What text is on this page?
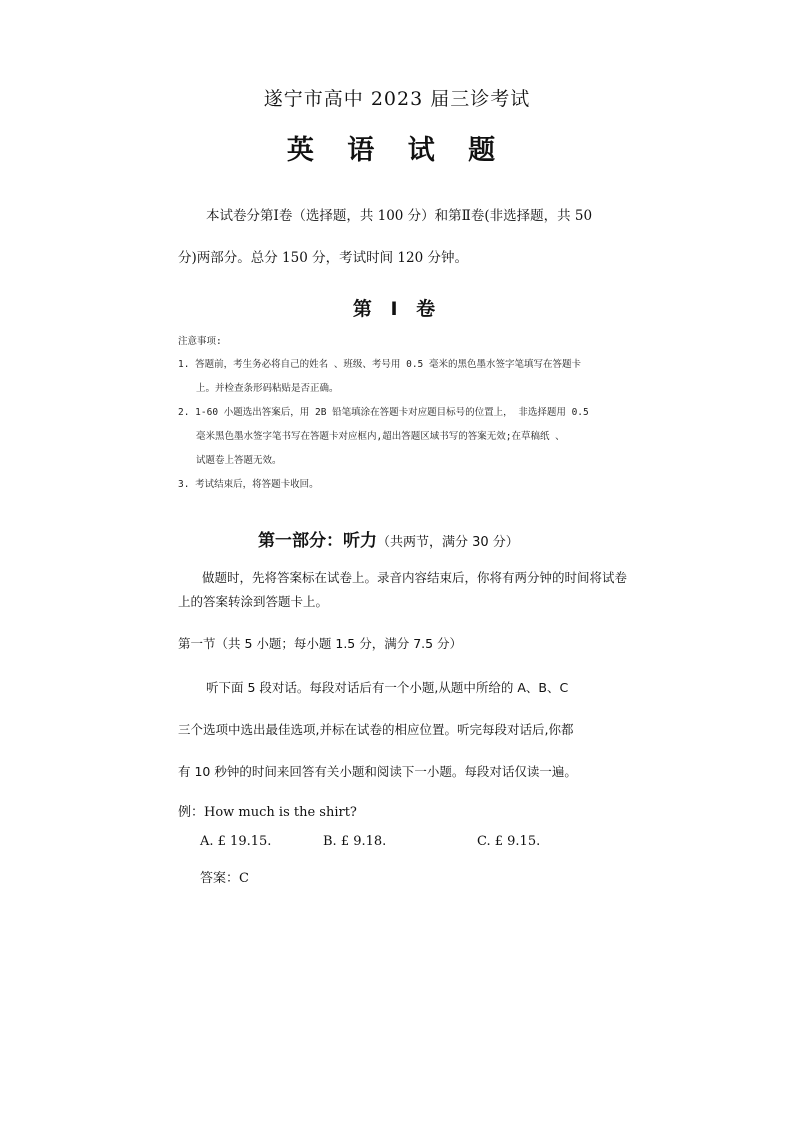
遂宁市高中 2023 届三诊考试
英 语 试 题
本试卷分第Ⅰ卷（选择题，共 100 分）和第Ⅱ卷(非选择题，共 50
分)两部分。总分 150 分，考试时间 120 分钟。
第 Ⅰ 卷
注意事项:
1. 答题前，考生务必将自己的姓名 、班级、考号用 0.5 毫米的黑色墨水签字笔填写在答题卡
上。并检查条形码粘贴是否正确。
2. 1-60 小题选出答案后，用 2B 铅笔填涂在答题卡对应题目标号的位置上， 非选择题用 0.5
毫米黑色墨水签字笔书写在答题卡对应框内,超出答题区域书写的答案无效;在草稿纸 、
试题卷上答题无效。
3. 考试结束后，将答题卡收回。
第一部分：听力（共两节，满分 30 分）
做题时，先将答案标在试卷上。录音内容结束后，你将有两分钟的时间将试卷
上的答案转涂到答题卡上。
第一节（共 5 小题；每小题 1.5 分，满分 7.5 分）
听下面 5 段对话。每段对话后有一个小题,从题中所给的 A、B、C
三个选项中选出最佳选项,并标在试卷的相应位置。听完每段对话后,你都
有 10 秒钟的时间来回答有关小题和阅读下一小题。每段对话仅读一遍。
例：How much is the shirt?
A. £ 19.15.	B. £ 9.18.	C. £ 9.15.
答案：C
